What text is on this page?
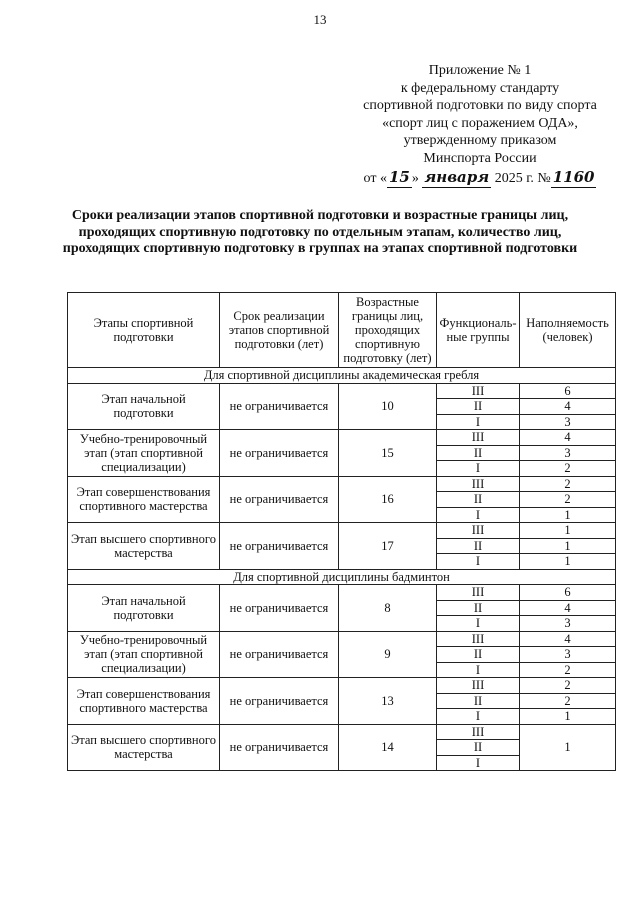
13
Приложение № 1
к федеральному стандарту
спортивной подготовки по виду спорта
«спорт лиц с поражением ОДА»,
утвержденному приказом
Минспорта России
от « 15 » января 2025 г. № 1160
Сроки реализации этапов спортивной подготовки и возрастные границы лиц, проходящих спортивную подготовку по отдельным этапам, количество лиц, проходящих спортивную подготовку в группах на этапах спортивной подготовки
Этапы спортивной подготовки	Срок реализации этапов спортивной подготовки (лет)	Возрастные границы лиц, проходящих спортивную подготовку (лет)	Функциональ-ные группы	Наполняемость (человек)
Для спортивной дисциплины академическая гребля				
Этап начальной подготовки	не ограничивается	10	III	6
			II	4
			I	3
Учебно-тренировочный этап (этап спортивной специализации)	не ограничивается	15	III	4
			II	3
			I	2
Этап совершенствования спортивного мастерства	не ограничивается	16	III	2
			II	2
			I	1
Этап высшего спортивного мастерства	не ограничивается	17	III	1
			II	1
			I	1
Для спортивной дисциплины бадминтон				
Этап начальной подготовки	не ограничивается	8	III	6
			II	4
			I	3
Учебно-тренировочный этап (этап спортивной специализации)	не ограничивается	9	III	4
			II	3
			I	2
Этап совершенствования спортивного мастерства	не ограничивается	13	III	2
			II	2
			I	1
Этап высшего спортивного мастерства	не ограничивается	14	III	1
			II	
			I	
